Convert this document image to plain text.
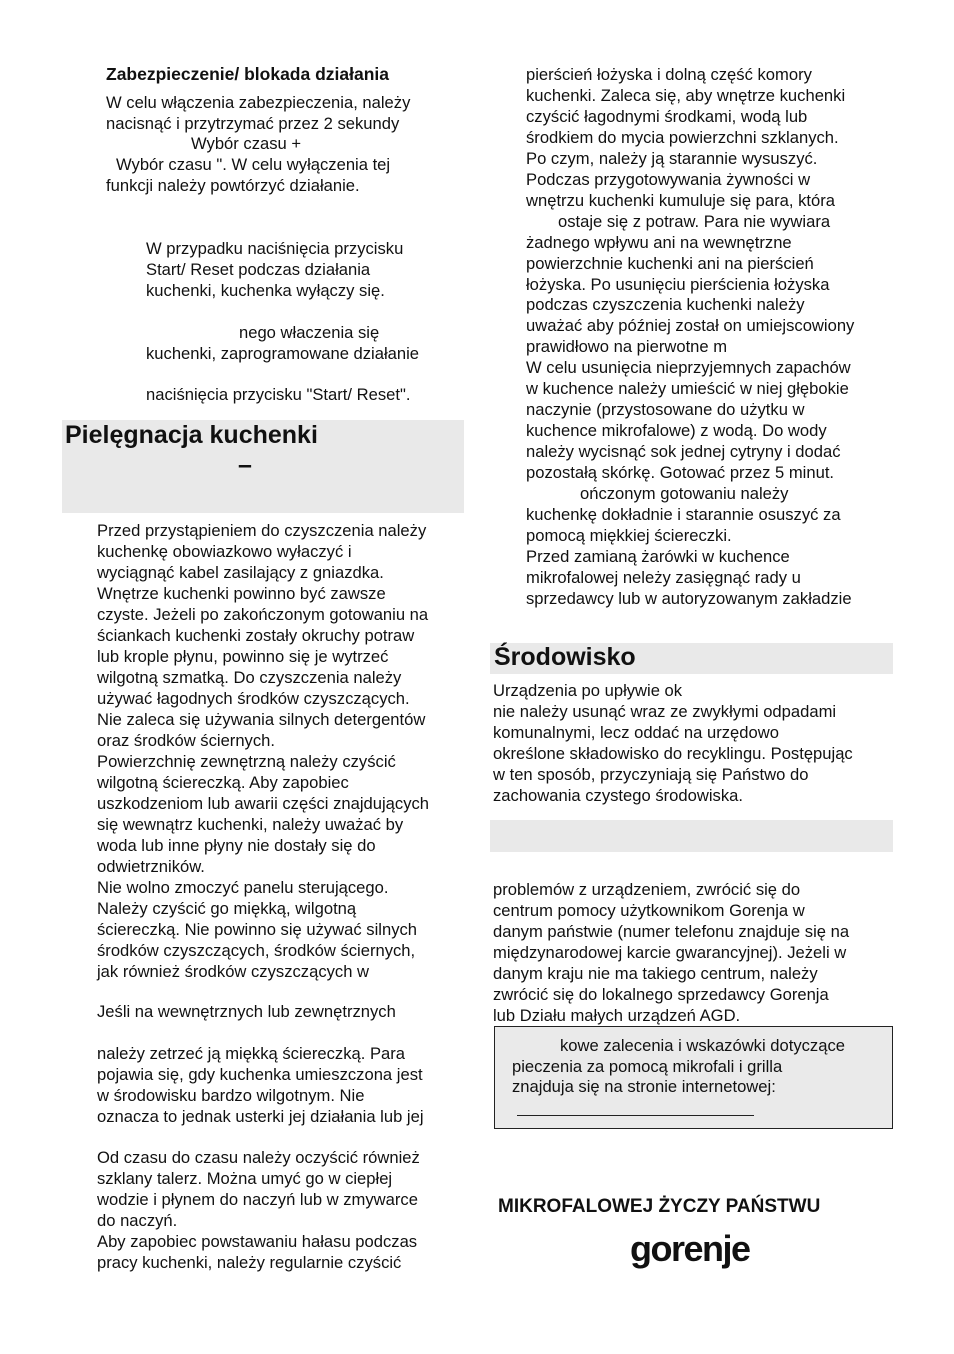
Zabezpieczenie/ blokada działania
W celu włączenia zabezpieczenia, należy
nacisnąć i przytrzymać przez 2 sekundy
Wybór czasu +
Wybór czasu ". W celu wyłączenia tej
funkcji należy powtórzyć działanie.
W przypadku naciśnięcia przycisku
Start/ Reset podczas działania
kuchenki, kuchenka wyłączy się.
nego właczenia się
kuchenki, zaprogramowane działanie
naciśnięcia przycisku "Start/ Reset".
Pielęgnacja kuchenki
–
Przed przystąpieniem do czyszczenia należy
kuchenkę obowiazkowo wyłaczyć i
wyciągnąć kabel zasilający z gniazdka.
Wnętrze kuchenki powinno być zawsze
czyste. Jeżeli po zakończonym gotowaniu na
ściankach kuchenki zostały okruchy potraw
lub krople płynu, powinno się je wytrzeć
wilgotną szmatką. Do czyszczenia należy
używać łagodnych środków czyszczących.
Nie zaleca się używania silnych detergentów
oraz środków ściernych.
Powierzchnię zewnętrzną należy czyścić
wilgotną ściereczką. Aby zapobiec
uszkodzeniom lub awarii części znajdujących
się wewnątrz kuchenki, należy uważać by
woda lub inne płyny nie dostały się do
odwietrzników.
Nie wolno zmoczyć panelu sterującego.
Należy czyścić go miękką, wilgotną
ściereczką. Nie powinno się używać silnych
środków czyszczących, środków ściernych,
jak również środków czyszczących w
Jeśli na wewnętrznych lub zewnętrznych
należy zetrzeć ją miękką ściereczką. Para
pojawia się, gdy kuchenka umieszczona jest
w środowisku bardzo wilgotnym. Nie
oznacza to jednak usterki jej działania lub jej
Od czasu do czasu należy oczyścić również
szklany talerz. Można umyć go w ciepłej
wodzie i płynem do naczyń lub w zmywarce
do naczyń.
Aby zapobiec powstawaniu hałasu podczas
pracy kuchenki, należy regularnie czyścić
pierścień łożyska i dolną część komory
kuchenki. Zaleca się, aby wnętrze kuchenki
czyścić łagodnymi środkami, wodą lub
środkiem do mycia powierzchni szklanych.
Po czym, należy ją starannie wysuszyć.
Podczas przygotowywania żywności w
wnętrzu kuchenki kumuluje się para, która
ostaje się z potraw. Para nie wywiara
żadnego wpływu ani na wewnętrzne
powierzchnie kuchenki ani na pierścień
łożyska. Po usunięciu pierścienia łożyska
podczas czyszczenia kuchenki należy
uważać aby później został on umiejscowiony
prawidłowo na pierwotne m
W celu usunięcia nieprzyjemnych zapachów
w kuchence należy umieścić w niej głębokie
naczynie (przystosowane do użytku w
kuchence mikrofalowe) z wodą. Do wody
należy wycisnąć sok jednej cytryny i dodać
pozostałą skórkę. Gotować przez 5 minut.
ończonym gotowaniu należy
kuchenkę dokładnie i starannie osuszyć za
pomocą miękkiej ściereczki.
Przed zamianą żarówki w kuchence
mikrofalowej neleży zasięgnąć rady u
sprzedawcy lub w autoryzowanym zakładzie
Środowisko
Urządzenia po upływie ok
nie należy usunąć wraz ze zwykłymi odpadami
komunalnymi, lecz oddać na urzędowo
określone składowisko do recyklingu. Postępując
w ten sposób, przyczyniają się Państwo do
zachowania czystego środowiska.
problemów z urządzeniem, zwrócić się do
centrum pomocy użytkownikom Gorenja w
danym państwie (numer telefonu znajduje się na
międzynarodowej karcie gwarancyjnej). Jeżeli w
danym kraju nie ma takiego centrum, należy
zwrócić się do lokalnego sprzedawcy Gorenja
lub Działu małych urządzeń AGD.
kowe zalecenia i wskazówki dotyczące
pieczenia za pomocą mikrofali i grilla
znajduja się na stronie internetowej:
MIKROFALOWEJ ŻYCZY PAŃSTWU
gorenje
